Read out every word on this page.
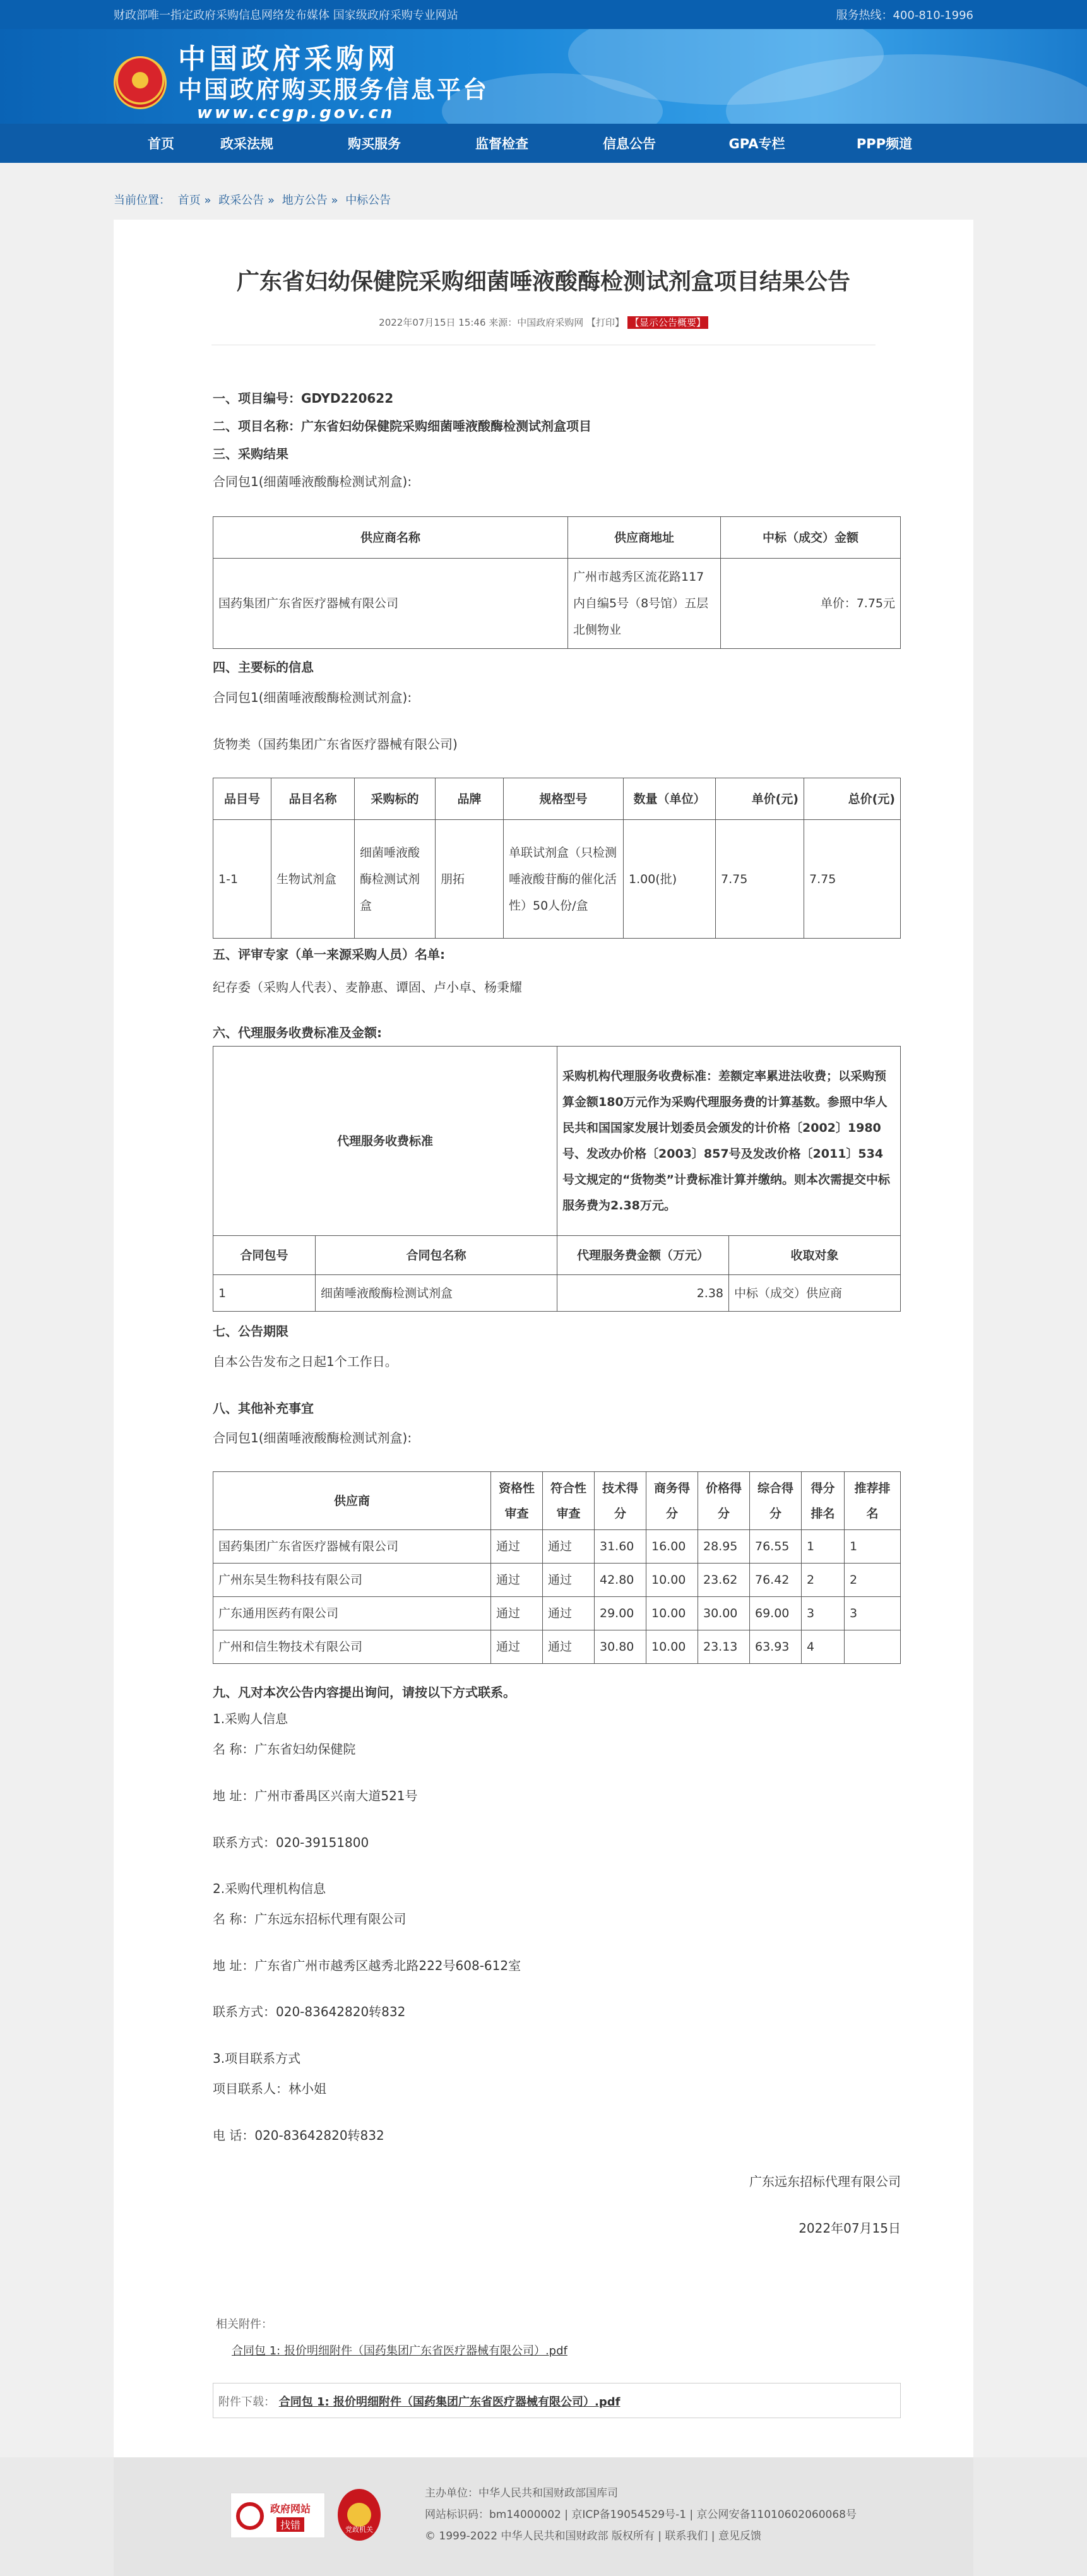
财政部唯一指定政府采购信息网络发布媒体 国家级政府采购专业网站	服务热线：400-810-1996
中国政府采购网
中国政府购买服务信息平台
www.ccgp.gov.cn
首页	政采法规	购买服务	监督检查	信息公告	GPA专栏	PPP频道
当前位置： 首页 » 政采公告 » 地方公告 » 中标公告
广东省妇幼保健院采购细菌唾液酸酶检测试剂盒项目结果公告
2022年07月15日 15:46 来源：中国政府采购网 【打印】 【显示公告概要】
一、项目编号：GDYD220622
二、项目名称：广东省妇幼保健院采购细菌唾液酸酶检测试剂盒项目
三、采购结果
合同包1(细菌唾液酸酶检测试剂盒):
供应商名称	供应商地址	中标（成交）金额
国药集团广东省医疗器械有限公司	广州市越秀区流花路117内自编5号（8号馆）五层北侧物业	单价：7.75元
四、主要标的信息
合同包1(细菌唾液酸酶检测试剂盒):
货物类（国药集团广东省医疗器械有限公司)
品目号	品目名称	采购标的	品牌	规格型号	数量（单位）	单价(元)	总价(元)
1-1	生物试剂盒	细菌唾液酸酶检测试剂盒	朋拓	单联试剂盒（只检测唾液酸苷酶的催化活性）50人份/盒	1.00(批)	7.75	7.75
五、评审专家（单一来源采购人员）名单:
纪存委（采购人代表）、麦静惠、谭固、卢小卓、杨秉耀
六、代理服务收费标准及金额:
代理服务收费标准		采购机构代理服务收费标准：差额定率累进法收费；以采购预算金额180万元作为采购代理服务费的计算基数。参照中华人民共和国国家发展计划委员会颁发的计价格〔2002〕1980号、发改办价格〔2003〕857号及发改价格〔2011〕534号文规定的“货物类”计费标准计算并缴纳。则本次需提交中标服务费为2.38万元。	
合同包号	合同包名称	代理服务费金额（万元）	收取对象
1	细菌唾液酸酶检测试剂盒	2.38	中标（成交）供应商
七、公告期限
自本公告发布之日起1个工作日。
八、其他补充事宜
合同包1(细菌唾液酸酶检测试剂盒):
供应商	资格性审查	符合性审查	技术得分	商务得分	价格得分	综合得分	得分排名	推荐排名
国药集团广东省医疗器械有限公司	通过	通过	31.60	16.00	28.95	76.55	1	1
广州东昊生物科技有限公司	通过	通过	42.80	10.00	23.62	76.42	2	2
广东通用医药有限公司	通过	通过	29.00	10.00	30.00	69.00	3	3
广州和信生物技术有限公司	通过	通过	30.80	10.00	23.13	63.93	4	
九、凡对本次公告内容提出询问，请按以下方式联系。
1.采购人信息
名 称：广东省妇幼保健院
地 址：广州市番禺区兴南大道521号
联系方式：020-39151800
2.采购代理机构信息
名 称：广东远东招标代理有限公司
地 址：广东省广州市越秀区越秀北路222号608-612室
联系方式：020-83642820转832
3.项目联系方式
项目联系人：林小姐
电 话：020-83642820转832
广东远东招标代理有限公司
2022年07月15日
相关附件：
合同包 1: 报价明细附件（国药集团广东省医疗器械有限公司）.pdf
附件下载： 合同包 1: 报价明细附件（国药集团广东省医疗器械有限公司）.pdf
政府网站
找错	党政机关
主办单位：中华人民共和国财政部国库司
网站标识码：bm14000002 | 京ICP备19054529号-1 | 京公网安备11010602060068号
© 1999-2022 中华人民共和国财政部 版权所有 | 联系我们 | 意见反馈
